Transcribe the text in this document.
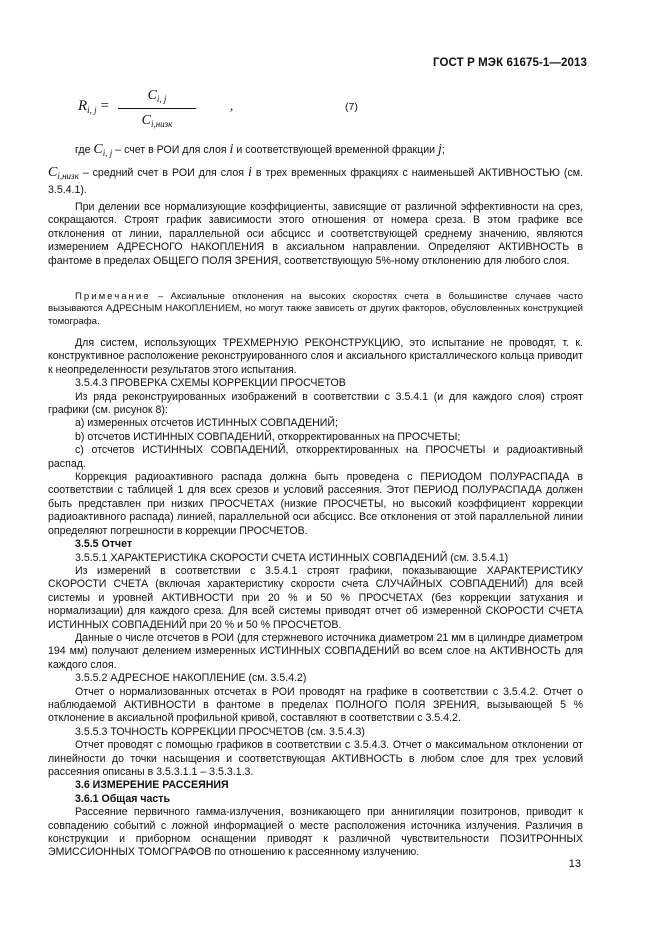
ГОСТ Р МЭК 61675-1—2013
$R_{i, j}$ =
$C_{i, j}$
$C_{i,низк}$
,	(7)

где $C_{i, j}$ – счет в РОИ для слоя i и соответствующей временной фракции j;

$C_{i,низк}$ – средний счет в РОИ для слоя i в трех временных фракциях с наименьшей АКТИВНОСТЬЮ (см. 3.5.4.1).

При делении все нормализующие коэффициенты, зависящие от различной эффективности на срез, сокращаются. Строят график зависимости этого отношения от номера среза. В этом графике все отклонения от линии, параллельной оси абсцисс и соответствующей среднему значению, являются измерением АДРЕСНОГО НАКОПЛЕНИЯ в аксиальном направлении. Определяют АКТИВНОСТЬ в фантоме в пределах ОБЩЕГО ПОЛЯ ЗРЕНИЯ, соответствующую 5%-ному отклонению для любого слоя.

Примечание – Аксиальные отклонения на высоких скоростях счета в большинстве случаев часто вызываются АДРЕСНЫМ НАКОПЛЕНИЕМ, но могут также зависеть от других факторов, обусловленных конструкцией томографа.

Для систем, использующих ТРЕХМЕРНУЮ РЕКОНСТРУКЦИЮ, это испытание не проводят, т. к. конструктивное расположение реконструированного слоя и аксиального кристаллического кольца приводит к неопределенности результатов этого испытания.

3.5.4.3 ПРОВЕРКА СХЕМЫ КОРРЕКЦИИ ПРОСЧЕТОВ

Из ряда реконструированных изображений в соответствии с 3.5.4.1 (и для каждого слоя) строят графики (см. рисунок 8):

a) измеренных отсчетов ИСТИННЫХ СОВПАДЕНИЙ;

b) отсчетов ИСТИННЫХ СОВПАДЕНИЙ, откорректированных на ПРОСЧЕТЫ;

c) отсчетов ИСТИННЫХ СОВПАДЕНИЙ, откорректированных на ПРОСЧЕТЫ и радиоактивный распад.

Коррекция радиоактивного распада должна быть проведена с ПЕРИОДОМ ПОЛУРАСПАДА в соответствии с таблицей 1 для всех срезов и условий рассеяния. Этот ПЕРИОД ПОЛУРАСПАДА должен быть представлен при низких ПРОСЧЕТАХ (низкие ПРОСЧЕТЫ, но высокий коэффициент коррекции радиоактивного распада) линией, параллельной оси абсцисс. Все отклонения от этой параллельной линии определяют погрешности в коррекции ПРОСЧЕТОВ.

3.5.5 Отчет

3.5.5.1 ХАРАКТЕРИСТИКА СКОРОСТИ СЧЕТА ИСТИННЫХ СОВПАДЕНИЙ (см. 3.5.4.1)

Из измерений в соответствии с 3.5.4.1 строят графики, показывающие ХАРАКТЕРИСТИКУ СКОРОСТИ СЧЕТА (включая характеристику скорости счета СЛУЧАЙНЫХ СОВПАДЕНИЙ) для всей системы и уровней АКТИВНОСТИ при 20 % и 50 % ПРОСЧЕТАХ (без коррекции затухания и нормализации) для каждого среза. Для всей системы приводят отчет об измеренной СКОРОСТИ СЧЕТА ИСТИННЫХ СОВПАДЕНИЙ при 20 % и 50 % ПРОСЧЕТОВ.

Данные о числе отсчетов в РОИ (для стержневого источника диаметром 21 мм в цилиндре диаметром 194 мм) получают делением измеренных ИСТИННЫХ СОВПАДЕНИЙ во всем слое на АКТИВНОСТЬ для каждого слоя.

3.5.5.2 АДРЕСНОЕ НАКОПЛЕНИЕ (см. 3.5.4.2)

Отчет о нормализованных отсчетах в РОИ проводят на графике в соответствии с 3.5.4.2. Отчет о наблюдаемой АКТИВНОСТИ в фантоме в пределах ПОЛНОГО ПОЛЯ ЗРЕНИЯ, вызывающей 5 % отклонение в аксиальной профильной кривой, составляют в соответствии с 3.5.4.2.

3.5.5.3 ТОЧНОСТЬ КОРРЕКЦИИ ПРОСЧЕТОВ (см. 3.5.4.3)

Отчет проводят с помощью графиков в соответствии с 3.5.4.3. Отчет о максимальном отклонении от линейности до точки насыщения и соответствующая АКТИВНОСТЬ в любом слое для трех условий рассеяния описаны в 3.5.3.1.1 – 3.5.3.1.3.

3.6 ИЗМЕРЕНИЕ РАССЕЯНИЯ

3.6.1 Общая часть

Рассеяние первичного гамма-излучения, возникающего при аннигиляции позитронов, приводит к совпадению событий с ложной информацией о месте расположения источника излучения. Различия в конструкции и приборном оснащении приводят к различной чувствительности ПОЗИТРОННЫХ ЭМИССИОННЫХ ТОМОГРАФОВ по отношению к рассеянному излучению.

13
